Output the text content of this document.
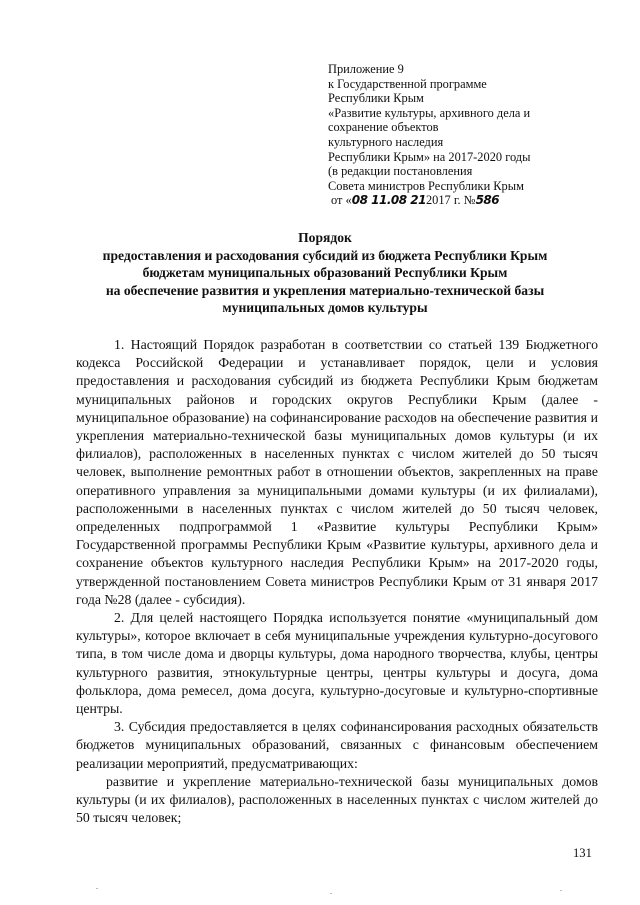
Приложение 9
к Государственной программе
Республики Крым
«Развитие культуры, архивного дела и
сохранение объектов
культурного наследия
Республики Крым» на 2017-2020 годы
(в редакции постановления
Совета министров Республики Крым
от «08 11.08 212017 г. №586
Порядок
предоставления и расходования субсидий из бюджета Республики Крым
бюджетам муниципальных образований Республики Крым
на обеспечение развития и укрепления материально-технической базы
муниципальных домов культуры

1. Настоящий Порядок разработан в соответствии со статьей 139 Бюджетного кодекса Российской Федерации и устанавливает порядок, цели и условия предоставления и расходования субсидий из бюджета Республики Крым бюджетам муниципальных районов и городских округов Республики Крым (далее - муниципальное образование) на софинансирование расходов на обеспечение развития и укрепления материально-технической базы муниципальных домов культуры (и их филиалов), расположенных в населенных пунктах с числом жителей до 50 тысяч человек, выполнение ремонтных работ в отношении объектов, закрепленных на праве оперативного управления за муниципальными домами культуры (и их филиалами), расположенными в населенных пунктах с числом жителей до 50 тысяч человек, определенных подпрограммой 1 «Развитие культуры Республики Крым» Государственной программы Республики Крым «Развитие культуры, архивного дела и сохранение объектов культурного наследия Республики Крым» на 2017-2020 годы, утвержденной постановлением Совета министров Республики Крым от 31 января 2017 года №28 (далее - субсидия).

2. Для целей настоящего Порядка используется понятие «муниципальный дом культуры», которое включает в себя муниципальные учреждения культурно-досугового типа, в том числе дома и дворцы культуры, дома народного творчества, клубы, центры культурного развития, этнокультурные центры, центры культуры и досуга, дома фольклора, дома ремесел, дома досуга, культурно-досуговые и культурно-спортивные центры.

3. Субсидия предоставляется в целях софинансирования расходных обязательств бюджетов муниципальных образований, связанных с финансовым обеспечением реализации мероприятий, предусматривающих:

развитие и укрепление материально-технической базы муниципальных домов культуры (и их филиалов), расположенных в населенных пунктах с числом жителей до 50 тысяч человек;

131
